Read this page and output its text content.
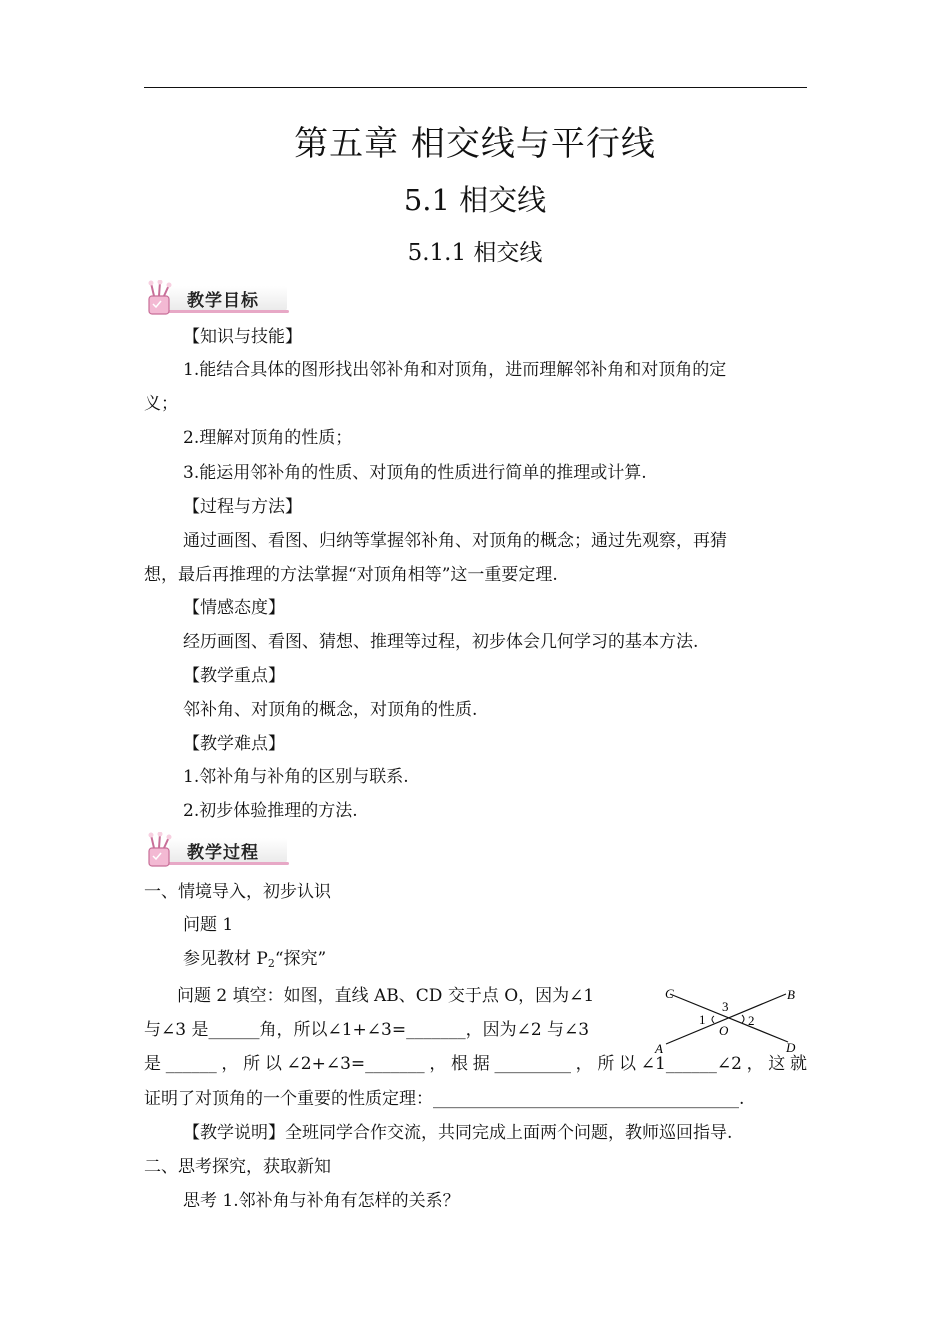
第五章 相交线与平行线
5.1 相交线
5.1.1 相交线
教学目标
【知识与技能】
1.能结合具体的图形找出邻补角和对顶角，进而理解邻补角和对顶角的定
义；
2.理解对顶角的性质；
3.能运用邻补角的性质、对顶角的性质进行简单的推理或计算.
【过程与方法】
通过画图、看图、归纳等掌握邻补角、对顶角的概念；通过先观察，再猜
想，最后再推理的方法掌握“对顶角相等”这一重要定理.
【情感态度】
经历画图、看图、猜想、推理等过程，初步体会几何学习的基本方法.
【教学重点】
邻补角、对顶角的概念，对顶角的性质.
【教学难点】
1.邻补角与补角的区别与联系.
2.初步体验推理的方法.
教学过程
一、情境导入，初步认识
问题 1
参见教材 $P_2“$探究”
问题 2 填空：如图，直线 AB、CD 交于点 O，因为∠1
与∠3 是______角，所以∠1+∠3=_______，因为∠2 与∠3
是______，所以∠2+∠3=_______，根据_________，所以∠1______∠2，这就
证明了对顶角的一个重要的性质定理：____________________________________.
【教学说明】全班同学合作交流，共同完成上面两个问题，教师巡回指导.
二、思考探究，获取新知
思考 1.邻补角与补角有怎样的关系？
C	B
A	D
O
1	2
3
